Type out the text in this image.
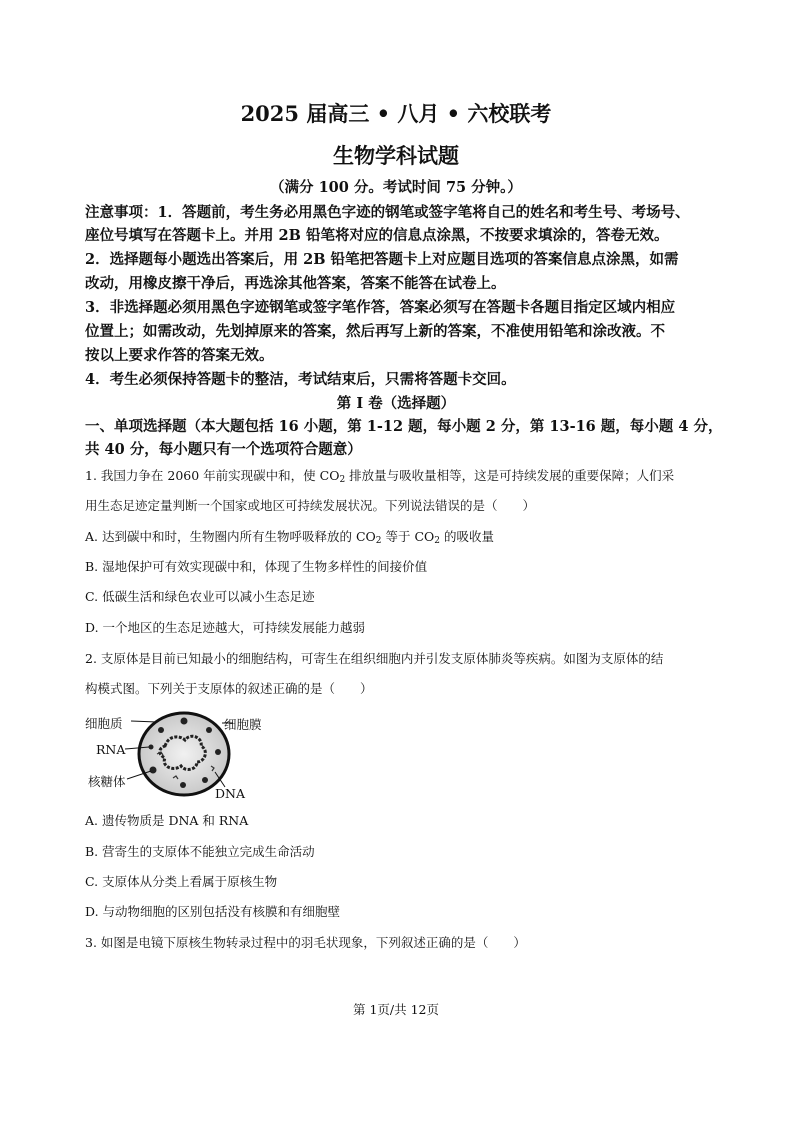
2025 届高三 • 八月 • 六校联考
生物学科试题
（满分 100 分。考试时间 75 分钟。）
注意事项：1．答题前，考生务必用黑色字迹的钢笔或签字笔将自己的姓名和考生号、考场号、
座位号填写在答题卡上。并用 2B 铅笔将对应的信息点涂黑，不按要求填涂的，答卷无效。
2．选择题每小题选出答案后，用 2B 铅笔把答题卡上对应题目选项的答案信息点涂黑，如需
改动，用橡皮擦干净后，再选涂其他答案，答案不能答在试卷上。
3．非选择题必须用黑色字迹钢笔或签字笔作答，答案必须写在答题卡各题目指定区域内相应
位置上；如需改动，先划掉原来的答案，然后再写上新的答案，不准使用铅笔和涂改液。不
按以上要求作答的答案无效。
4．考生必须保持答题卡的整洁，考试结束后，只需将答题卡交回。
第 I 卷（选择题）
一、单项选择题（本大题包括 16 小题，第 1-12 题，每小题 2 分，第 13-16 题，每小题 4 分，
共 40 分，每小题只有一个选项符合题意）
1. 我国力争在 2060 年前实现碳中和，使 $CO_2$ 排放量与吸收量相等，这是可持续发展的重要保障；人们采
用生态足迹定量判断一个国家或地区可持续发展状况。下列说法错误的是（　　）
A. 达到碳中和时，生物圈内所有生物呼吸释放的 $CO_2$ 等于 $CO_2$ 的吸收量
B. 湿地保护可有效实现碳中和，体现了生物多样性的间接价值
C. 低碳生活和绿色农业可以减小生态足迹
D. 一个地区的生态足迹越大，可持续发展能力越弱
2. 支原体是目前已知最小的细胞结构，可寄生在组织细胞内并引发支原体肺炎等疾病。如图为支原体的结
构模式图。下列关于支原体的叙述正确的是（　　）
细胞质	细胞膜
RNA
核糖体
DNA
A. 遗传物质是 DNA 和 RNA
B. 营寄生的支原体不能独立完成生命活动
C. 支原体从分类上看属于原核生物
D. 与动物细胞的区别包括没有核膜和有细胞壁
3. 如图是电镜下原核生物转录过程中的羽毛状现象，下列叙述正确的是（　　）
第 1页/共 12页
